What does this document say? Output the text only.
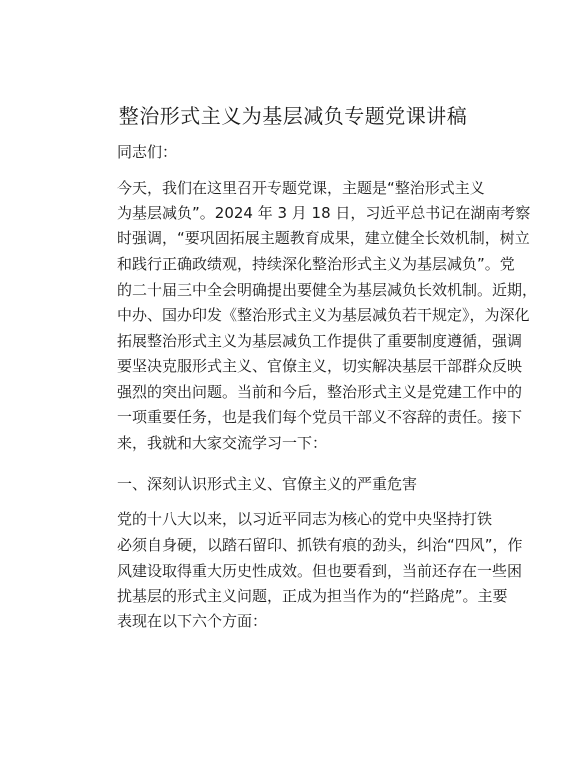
整治形式主义为基层减负专题党课讲稿
同志们：
今天，我们在这里召开专题党课，主题是“整治形式主义
为基层减负”。2024 年 3 月 18 日，习近平总书记在湖南考察
时强调，“要巩固拓展主题教育成果，建立健全长效机制，树立
和践行正确政绩观，持续深化整治形式主义为基层减负”。党
的二十届三中全会明确提出要健全为基层减负长效机制。近期，
中办、国办印发《整治形式主义为基层减负若干规定》，为深化
拓展整治形式主义为基层减负工作提供了重要制度遵循，强调
要坚决克服形式主义、官僚主义，切实解决基层干部群众反映
强烈的突出问题。当前和今后，整治形式主义是党建工作中的
一项重要任务，也是我们每个党员干部义不容辞的责任。接下
来，我就和大家交流学习一下：
一、深刻认识形式主义、官僚主义的严重危害
党的十八大以来，以习近平同志为核心的党中央坚持打铁
必须自身硬，以踏石留印、抓铁有痕的劲头，纠治“四风”，作
风建设取得重大历史性成效。但也要看到，当前还存在一些困
扰基层的形式主义问题，正成为担当作为的“拦路虎”。主要
表现在以下六个方面：
